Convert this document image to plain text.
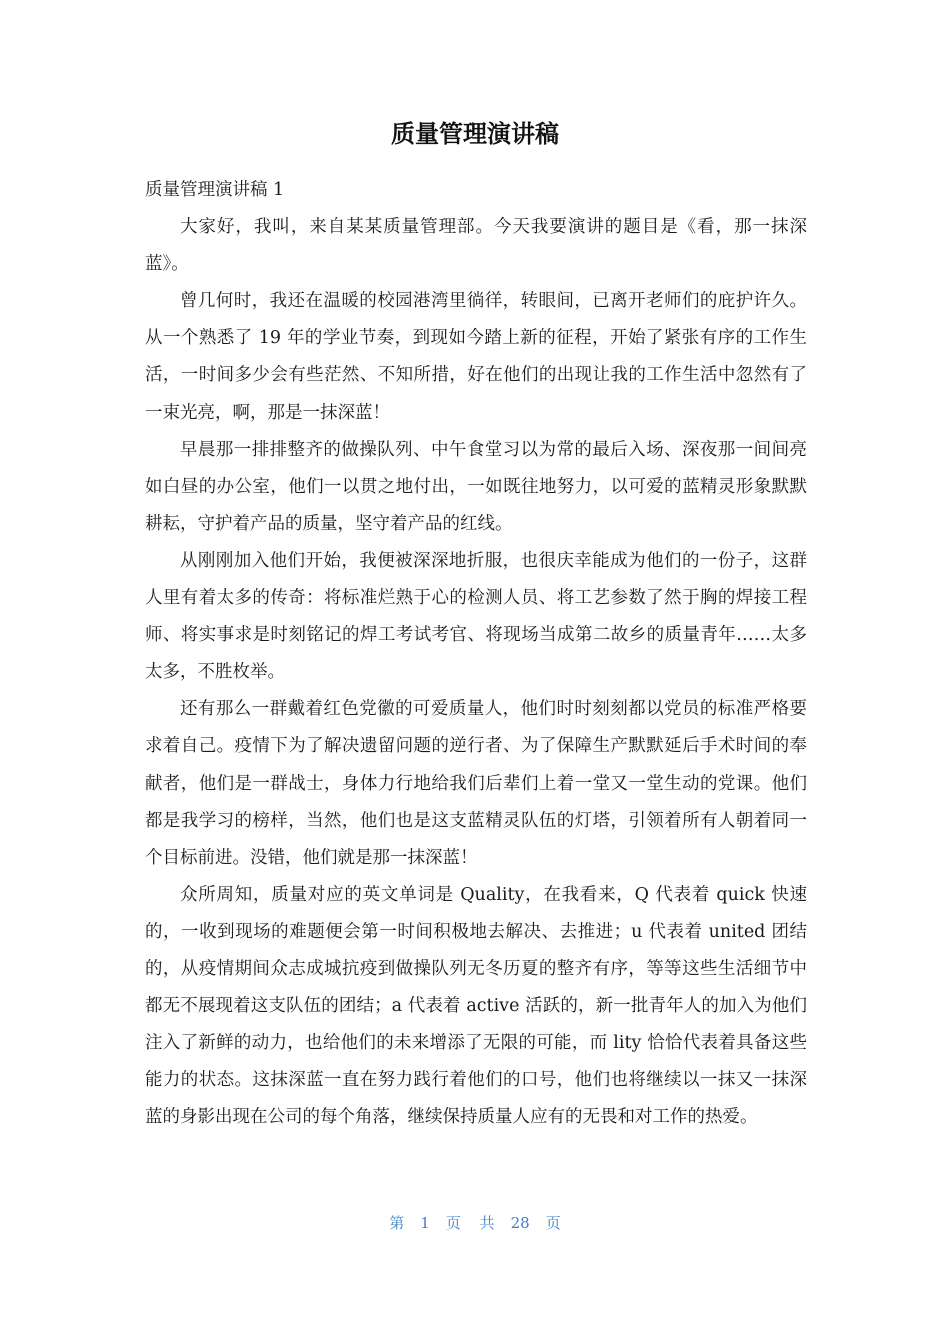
质量管理演讲稿

质量管理演讲稿 1

大家好，我叫，来自某某质量管理部。今天我要演讲的题目是《看，那一抹深蓝》。

曾几何时，我还在温暖的校园港湾里徜徉，转眼间，已离开老师们的庇护许久。从一个熟悉了 19 年的学业节奏，到现如今踏上新的征程，开始了紧张有序的工作生活，一时间多少会有些茫然、不知所措，好在他们的出现让我的工作生活中忽然有了一束光亮，啊，那是一抹深蓝！

早晨那一排排整齐的做操队列、中午食堂习以为常的最后入场、深夜那一间间亮如白昼的办公室，他们一以贯之地付出，一如既往地努力，以可爱的蓝精灵形象默默耕耘，守护着产品的质量，坚守着产品的红线。

从刚刚加入他们开始，我便被深深地折服，也很庆幸能成为他们的一份子，这群人里有着太多的传奇：将标准烂熟于心的检测人员、将工艺参数了然于胸的焊接工程师、将实事求是时刻铭记的焊工考试考官、将现场当成第二故乡的质量青年……太多太多，不胜枚举。

还有那么一群戴着红色党徽的可爱质量人，他们时时刻刻都以党员的标准严格要求着自己。疫情下为了解决遗留问题的逆行者、为了保障生产默默延后手术时间的奉献者，他们是一群战士，身体力行地给我们后辈们上着一堂又一堂生动的党课。他们都是我学习的榜样，当然，他们也是这支蓝精灵队伍的灯塔，引领着所有人朝着同一个目标前进。没错，他们就是那一抹深蓝！

众所周知，质量对应的英文单词是 Quality，在我看来，Q 代表着 quick 快速的，一收到现场的难题便会第一时间积极地去解决、去推进；u 代表着 united 团结的，从疫情期间众志成城抗疫到做操队列无冬历夏的整齐有序，等等这些生活细节中都无不展现着这支队伍的团结；a 代表着 active 活跃的，新一批青年人的加入为他们注入了新鲜的动力，也给他们的未来增添了无限的可能，而 lity 恰恰代表着具备这些能力的状态。这抹深蓝一直在努力践行着他们的口号，他们也将继续以一抹又一抹深蓝的身影出现在公司的每个角落，继续保持质量人应有的无畏和对工作的热爱。

第 1 页 共 28 页
